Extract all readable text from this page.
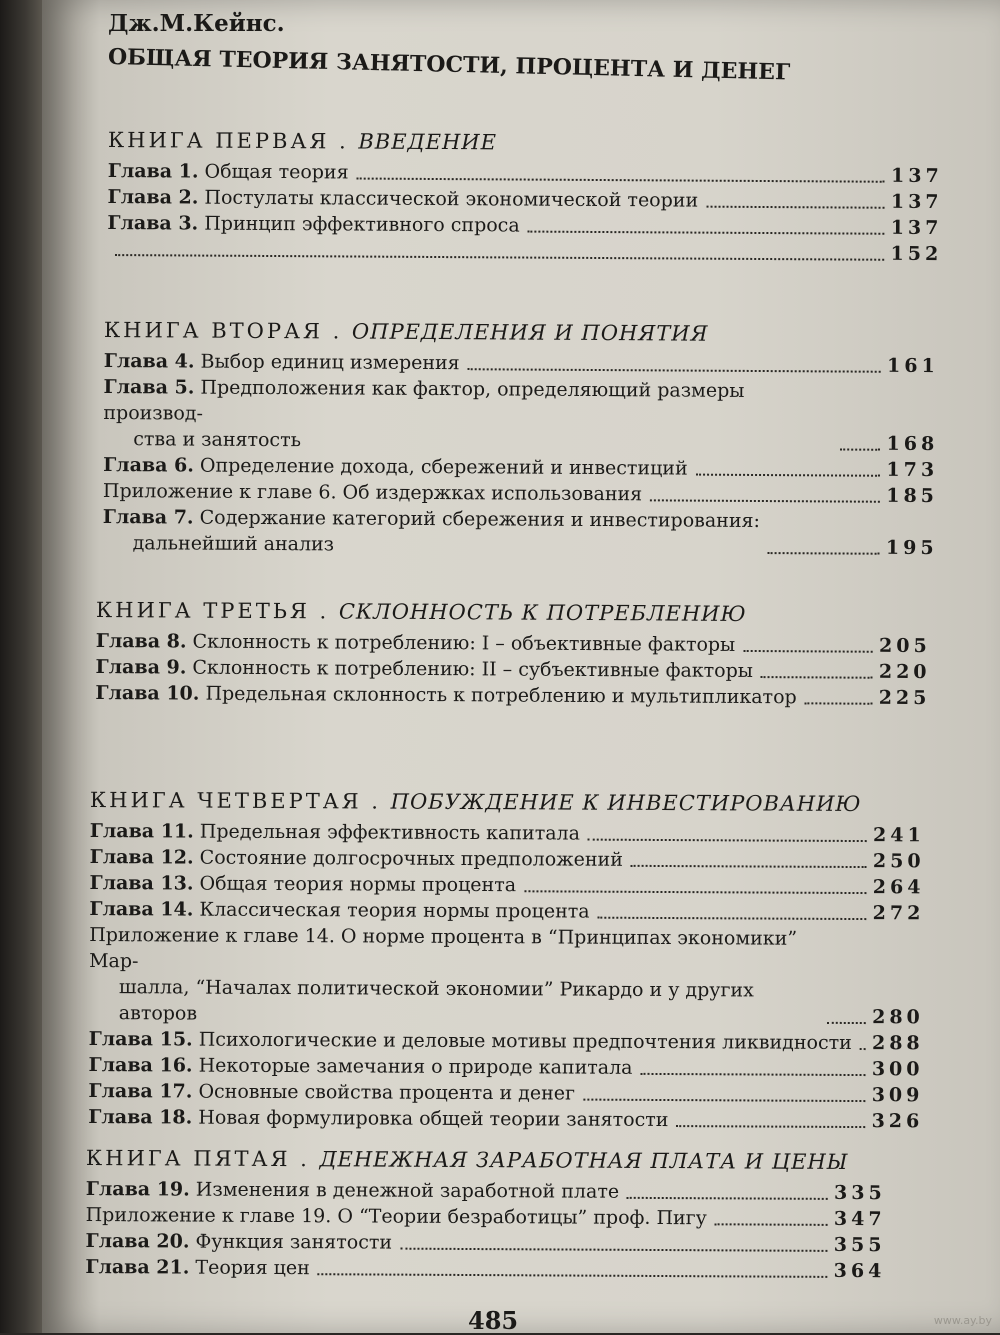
Дж.М.Кейнс.
ОБЩАЯ ТЕОРИЯ ЗАНЯТОСТИ, ПРОЦЕНТА И ДЕНЕГ
КНИГА ПЕРВАЯ . ВВЕДЕНИЕ
Глава 1. Общая теория	137
Глава 2. Постулаты классической экономической теории	137
Глава 3. Принцип эффективного спроса	137
152
КНИГА ВТОРАЯ . ОПРЕДЕЛЕНИЯ И ПОНЯТИЯ
Глава 4. Выбор единиц измерения	161
Глава 5. Предположения как фактор, определяющий размеры производ-
ства и занятость	168
Глава 6. Определение дохода, сбережений и инвестиций	173
Приложение к главе 6. Об издержках использования	185
Глава 7. Содержание категорий сбережения и инвестирования:
дальнейший анализ	195
КНИГА ТРЕТЬЯ . СКЛОННОСТЬ К ПОТРЕБЛЕНИЮ
Глава 8. Склонность к потреблению: I – объективные факторы	205
Глава 9. Склонность к потреблению: II – субъективные факторы	220
Глава 10. Предельная склонность к потреблению и мультипликатор	225
КНИГА ЧЕТВЕРТАЯ . ПОБУЖДЕНИЕ К ИНВЕСТИРОВАНИЮ
Глава 11. Предельная эффективность капитала	241
Глава 12. Состояние долгосрочных предположений	250
Глава 13. Общая теория нормы процента	264
Глава 14. Классическая теория нормы процента	272
Приложение к главе 14. О норме процента в “Принципах экономики” Мар-
шалла, “Началах политической экономии” Рикардо и у других авторов	280
Глава 15. Психологические и деловые мотивы предпочтения ликвидности 288
Глава 16. Некоторые замечания о природе капитала	300
Глава 17. Основные свойства процента и денег	309
Глава 18. Новая формулировка общей теории занятости	326
КНИГА ПЯТАЯ . ДЕНЕЖНАЯ ЗАРАБОТНАЯ ПЛАТА И ЦЕНЫ
Глава 19. Изменения в денежной заработной плате	335
Приложение к главе 19. О “Теории безработицы” проф. Пигу	347
Глава 20. Функция занятости	355
Глава 21. Теория цен	364
485	www.ay.by
